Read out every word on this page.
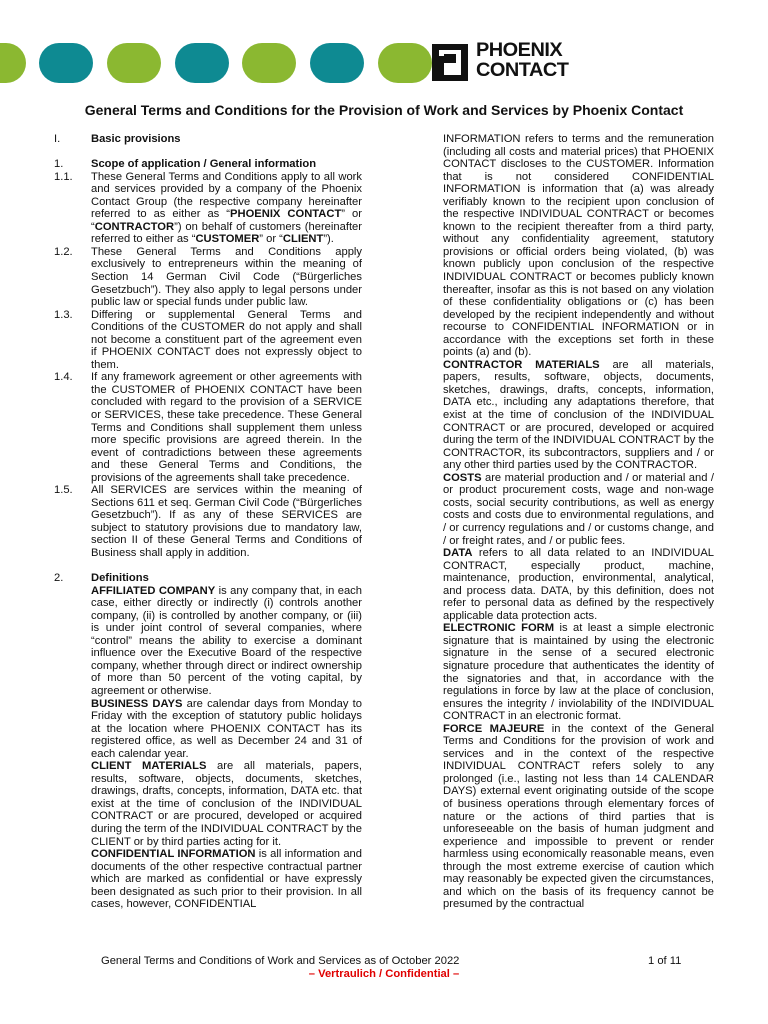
PHOENIX
CONTACT
General Terms and Conditions for the Provision of Work and Services by Phoenix Contact
I.	Basic provisions
1.	Scope of application / General information
1.1.	These General Terms and Conditions apply to all work and services provided by a company of the Phoenix Contact Group (the respective company hereinafter referred to as either as “PHOENIX CONTACT” or “CONTRACTOR”) on behalf of customers (hereinafter referred to either as “CUSTOMER” or “CLIENT”).
1.2.	These General Terms and Conditions apply exclusively to entrepreneurs within the meaning of Section 14 German Civil Code (“Bürgerliches Gesetzbuch”). They also apply to legal persons under public law or special funds under public law.
1.3.	Differing or supplemental General Terms and Conditions of the CUSTOMER do not apply and shall not become a constituent part of the agreement even if PHOENIX CONTACT does not expressly object to them.
1.4.	If any framework agreement or other agreements with the CUSTOMER of PHOENIX CONTACT have been concluded with regard to the provision of a SERVICE or SERVICES, these take precedence. These General Terms and Conditions shall supplement them unless more specific provisions are agreed therein. In the event of contradictions between these agreements and these General Terms and Conditions, the provisions of the agreements shall take precedence.
1.5.	All SERVICES are services within the meaning of Sections 611 et seq. German Civil Code (“Bürgerliches Gesetzbuch”). If as any of these SERVICES are subject to statutory provisions due to mandatory law, section II of these General Terms and Conditions of Business shall apply in addition.
2.	Definitions
AFFILIATED COMPANY is any company that, in each case, either directly or indirectly (i) controls another company, (ii) is controlled by another company, or (iii) is under joint control of several companies, where “control” means the ability to exercise a dominant influence over the Executive Board of the respective company, whether through direct or indirect ownership of more than 50 percent of the voting capital, by agreement or otherwise.
BUSINESS DAYS are calendar days from Monday to Friday with the exception of statutory public holidays at the location where PHOENIX CONTACT has its registered office, as well as December 24 and 31 of each calendar year.
CLIENT MATERIALS are all materials, papers, results, software, objects, documents, sketches, drawings, drafts, concepts, information, DATA etc. that exist at the time of conclusion of the INDIVIDUAL CONTRACT or are procured, developed or acquired during the term of the INDIVIDUAL CONTRACT by the CLIENT or by third parties acting for it.
CONFIDENTIAL INFORMATION is all information and documents of the other respective contractual partner which are marked as confidential or have expressly been designated as such prior to their provision. In all cases, however, CONFIDENTIAL
INFORMATION refers to terms and the remuneration (including all costs and material prices) that PHOENIX CONTACT discloses to the CUSTOMER. Information that is not considered CONFIDENTIAL INFORMATION is information that (a) was already verifiably known to the recipient upon conclusion of the respective INDIVIDUAL CONTRACT or becomes known to the recipient thereafter from a third party, without any confidentiality agreement, statutory provisions or official orders being violated, (b) was known publicly upon conclusion of the respective INDIVIDUAL CONTRACT or becomes publicly known thereafter, insofar as this is not based on any violation of these confidentiality obligations or (c) has been developed by the recipient independently and without recourse to CONFIDENTIAL INFORMATION or in accordance with the exceptions set forth in these points (a) and (b).
CONTRACTOR MATERIALS are all materials, papers, results, software, objects, documents, sketches, drawings, drafts, concepts, information, DATA etc., including any adaptations therefore, that exist at the time of conclusion of the INDIVIDUAL CONTRACT or are procured, developed or acquired during the term of the INDIVIDUAL CONTRACT by the CONTRACTOR, its subcontractors, suppliers and / or any other third parties used by the CONTRACTOR.
COSTS are material production and / or material and / or product procurement costs, wage and non-wage costs, social security contributions, as well as energy costs and costs due to environmental regulations, and / or currency regulations and / or customs change, and / or freight rates, and / or public fees.
DATA refers to all data related to an INDIVIDUAL CONTRACT, especially product, machine, maintenance, production, environmental, analytical, and process data. DATA, by this definition, does not refer to personal data as defined by the respectively applicable data protection acts.
ELECTRONIC FORM is at least a simple electronic signature that is maintained by using the electronic signature in the sense of a secured electronic signature procedure that authenticates the identity of the signatories and that, in accordance with the regulations in force by law at the place of conclusion, ensures the integrity / inviolability of the INDIVIDUAL CONTRACT in an electronic format.
FORCE MAJEURE in the context of the General Terms and Conditions for the provision of work and services and in the context of the respective INDIVIDUAL CONTRACT refers solely to any prolonged (i.e., lasting not less than 14 CALENDAR DAYS) external event originating outside of the scope of business operations through elementary forces of nature or the actions of third parties that is unforeseeable on the basis of human judgment and experience and impossible to prevent or render harmless using economically reasonable means, even through the most extreme exercise of caution which may reasonably be expected given the circumstances, and which on the basis of its frequency cannot be presumed by the contractual
General Terms and Conditions of Work and Services as of October 2022	1 of 11
– Vertraulich / Confidential –
